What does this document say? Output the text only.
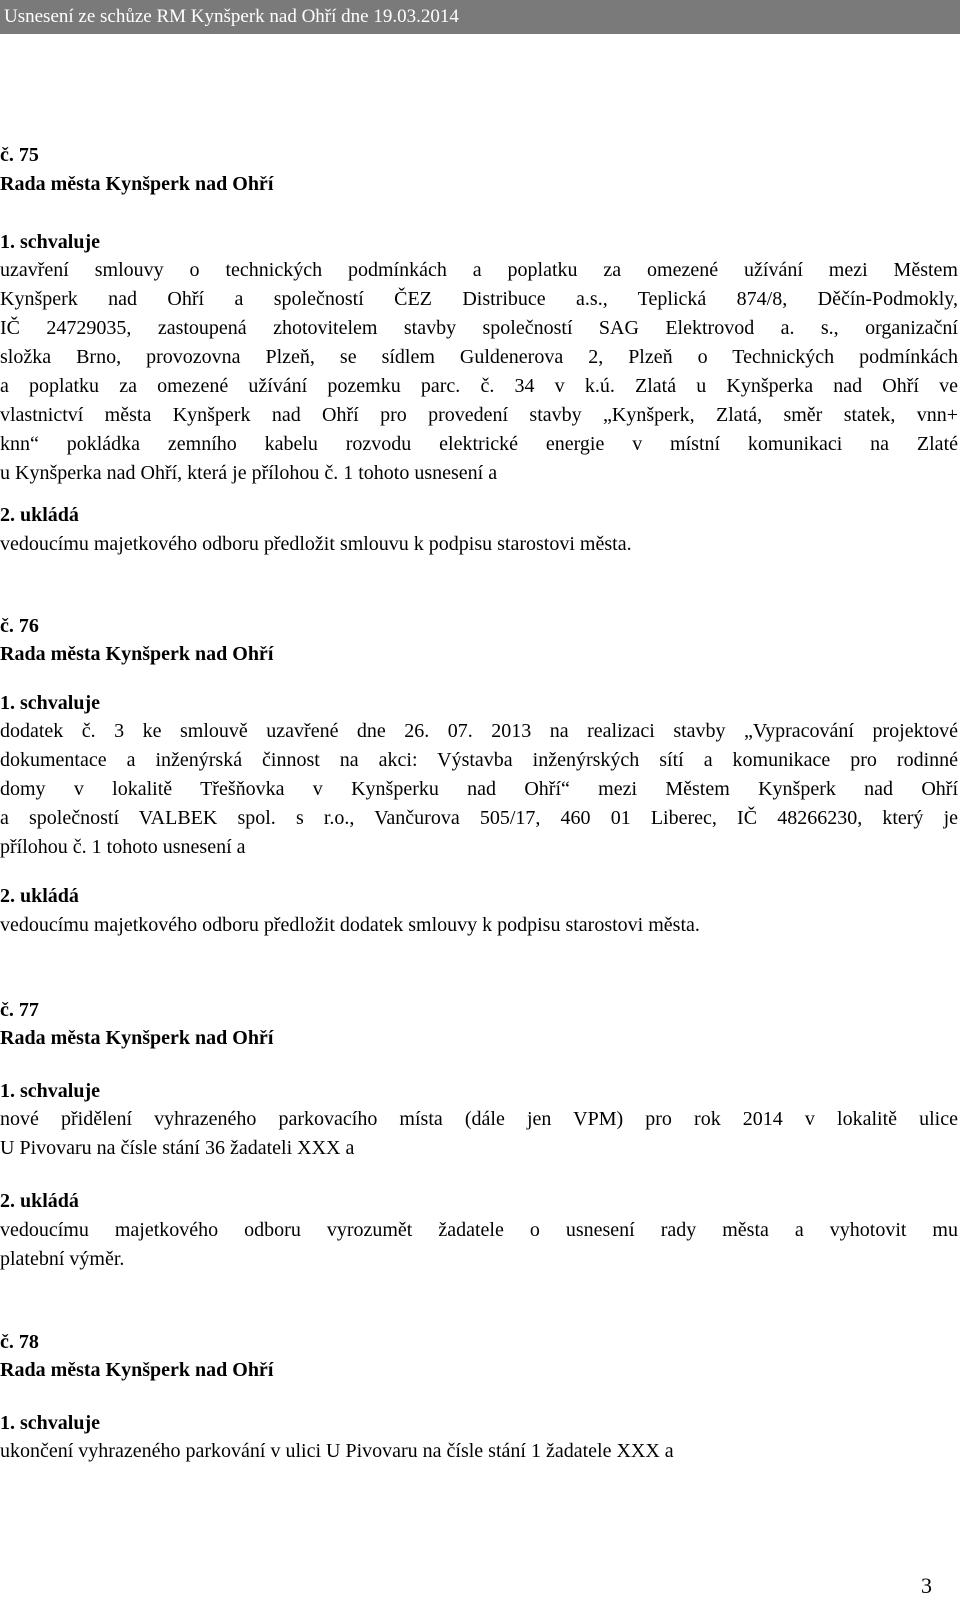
Usnesení ze schůze RM Kynšperk nad Ohří dne 19.03.2014
č. 75
Rada města Kynšperk nad Ohří
1. schvaluje
uzavření smlouvy o technických podmínkách a poplatku za omezené užívání mezi Městem
Kynšperk nad Ohří a společností ČEZ Distribuce a.s., Teplická 874/8, Děčín-Podmokly,
IČ 24729035, zastoupená zhotovitelem stavby společností SAG Elektrovod a. s., organizační
složka Brno, provozovna Plzeň, se sídlem Guldenerova 2, Plzeň o Technických podmínkách
a poplatku za omezené užívání pozemku parc. č. 34 v k.ú. Zlatá u Kynšperka nad Ohří ve
vlastnictví města Kynšperk nad Ohří pro provedení stavby „Kynšperk, Zlatá, směr statek, vnn+
knn“ pokládka zemního kabelu rozvodu elektrické energie v místní komunikaci na Zlaté
u Kynšperka nad Ohří, která je přílohou č. 1 tohoto usnesení a
2. ukládá
vedoucímu majetkového odboru předložit smlouvu k podpisu starostovi města.
č. 76
Rada města Kynšperk nad Ohří
1. schvaluje
dodatek č. 3 ke smlouvě uzavřené dne 26. 07. 2013 na realizaci stavby „Vypracování projektové
dokumentace a inženýrská činnost na akci: Výstavba inženýrských sítí a komunikace pro rodinné
domy v lokalitě Třešňovka v Kynšperku nad Ohří“ mezi Městem Kynšperk nad Ohří
a společností VALBEK spol. s r.o., Vančurova 505/17, 460 01 Liberec, IČ 48266230, který je
přílohou č. 1 tohoto usnesení a
2. ukládá
vedoucímu majetkového odboru předložit dodatek smlouvy k podpisu starostovi města.
č. 77
Rada města Kynšperk nad Ohří
1. schvaluje
nové přidělení vyhrazeného parkovacího místa (dále jen VPM) pro rok 2014 v lokalitě ulice
U Pivovaru na čísle stání 36 žadateli XXX a
2. ukládá
vedoucímu majetkového odboru vyrozumět žadatele o usnesení rady města a vyhotovit mu
platební výměr.
č. 78
Rada města Kynšperk nad Ohří
1. schvaluje
ukončení vyhrazeného parkování v ulici U Pivovaru na čísle stání 1 žadatele XXX a
3
